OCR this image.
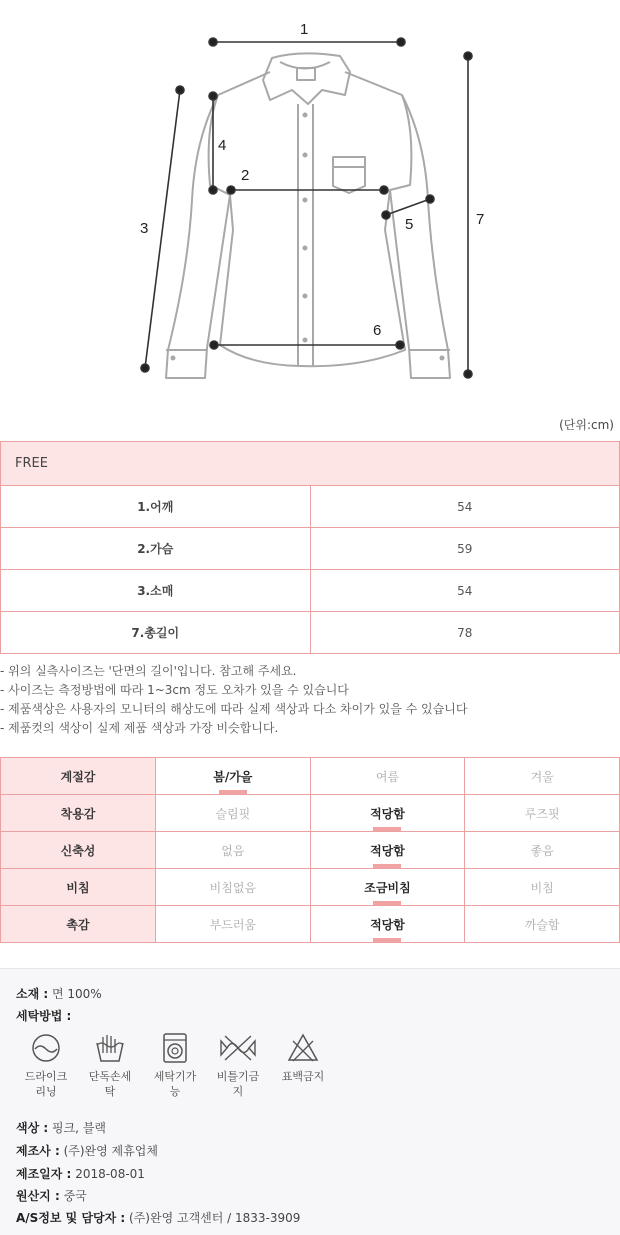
1
2
3
4
5
6
7
(단위:cm)
FREE	
1.어깨	54
2.가슴	59
3.소매	54
7.총길이	78
- 위의 실측사이즈는 '단면의 길이'입니다. 참고해 주세요.
- 사이즈는 측정방법에 따라 1~3cm 정도 오차가 있을 수 있습니다
- 제품색상은 사용자의 모니터의 해상도에 따라 실제 색상과 다소 차이가 있을 수 있습니다
- 제품컷의 색상이 실제 제품 색상과 가장 비슷합니다.
계절감	봄/가을	여름	겨울
착용감	슬림핏	적당함	루즈핏
신축성	없음	적당함	좋음
비침	비침없음	조금비침	비침
촉감	부드러움	적당함	까슬함
소재 : 면 100%
세탁방법 :
드라이크
리닝
단독손세
탁
세탁기가
능
비틀기금
지
표백금지
색상 : 핑크, 블랙
제조사 : (주)완영 제휴업체
제조일자 : 2018-08-01
원산지 : 중국
A/S정보 및 담당자 : (주)완영 고객센터 / 1833-3909
